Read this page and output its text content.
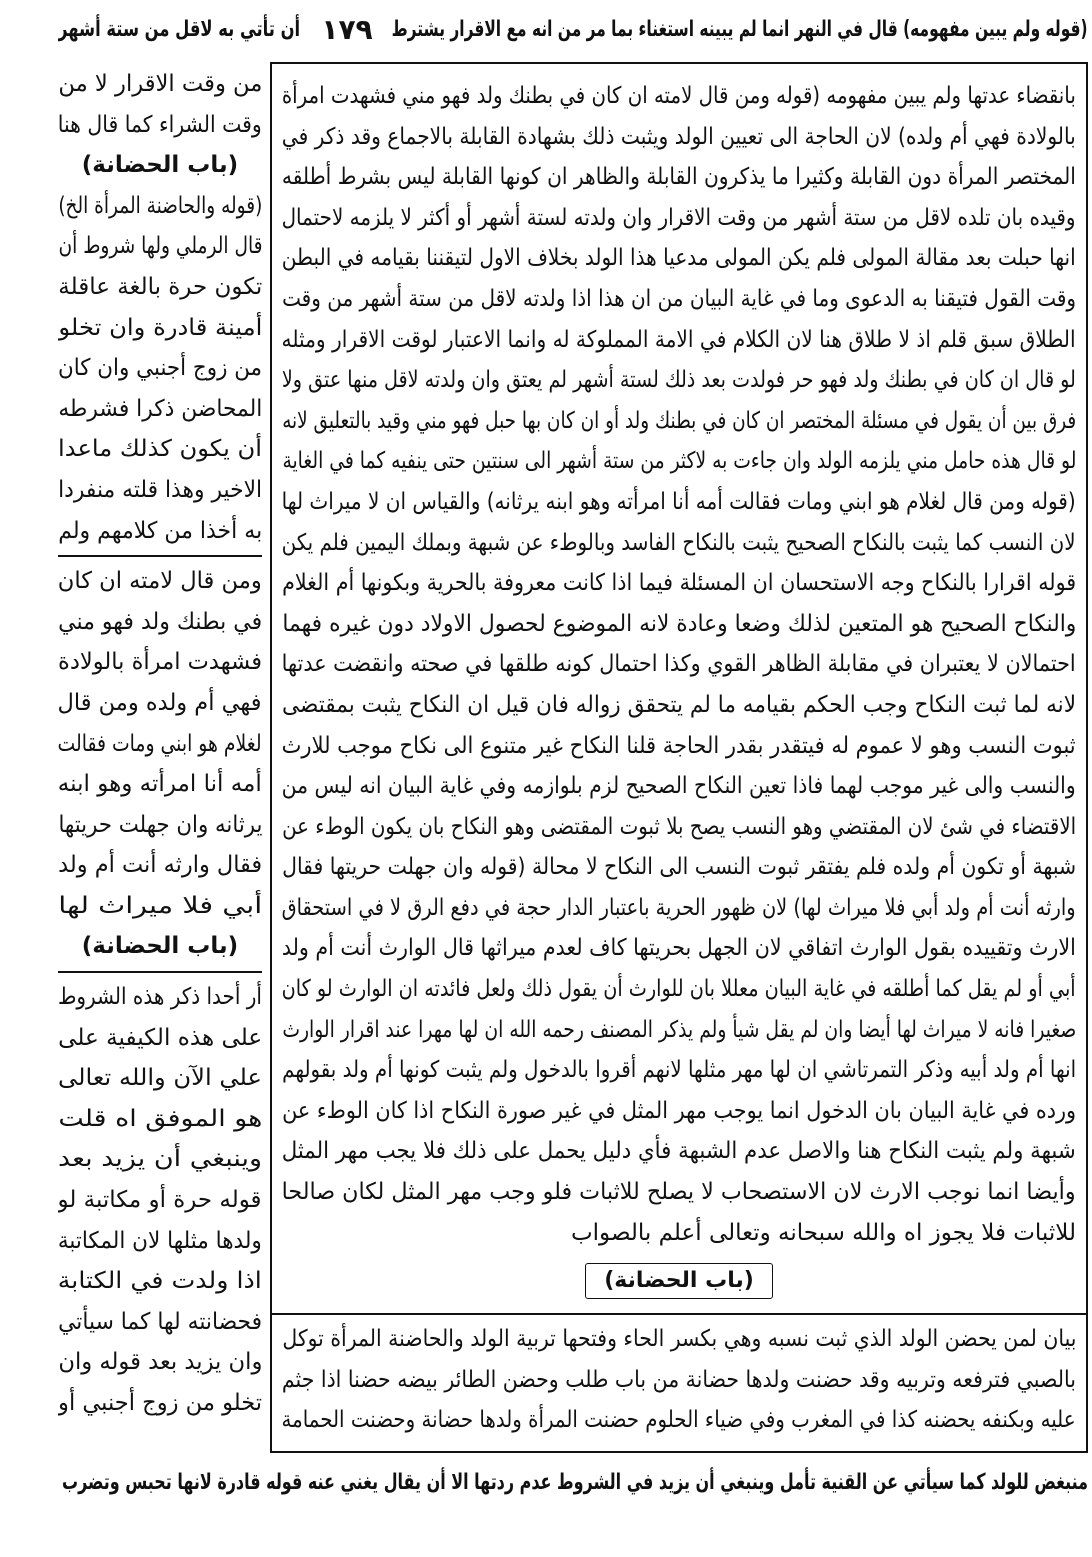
(قوله ولم يبين مفهومه) قال في النهر انما لم يبينه استغناء بما مر من انه مع الاقرار يشترط
١٧٩
أن تأتي به لاقل من ستة أشهر
من وقت الاقرار لا من
وقت الشراء كما قال هنا
(باب الحضانة)
(قوله والحاضنة المرأة الخ)
قال الرملي ولها شروط أن
تكون حرة بالغة عاقلة
أمينة قادرة وان تخلو
من زوج أجنبي وان كان
المحاضن ذكرا فشرطه
أن يكون كذلك ماعدا
الاخير وهذا قلته منفردا
به أخذا من كلامهم ولم
ومن قال لامته ان كان
في بطنك ولد فهو مني
فشهدت امرأة بالولادة
فهي أم ولده ومن قال
لغلام هو ابني ومات فقالت
أمه أنا امرأته وهو ابنه
يرثانه وان جهلت حريتها
فقال وارثه أنت أم ولد
أبي فلا ميراث لها
(باب الحضانة)
أر أحدا ذكر هذه الشروط
على هذه الكيفية على
علي الآن والله تعالى
هو الموفق اه قلت
وينبغي أن يزيد بعد
قوله حرة أو مكاتبة لو
ولدها مثلها لان المكاتبة
اذا ولدت في الكتابة
فحضانته لها كما سيأتي
وان يزيد بعد قوله وان
تخلو من زوج أجنبي أو
بانقضاء عدتها ولم يبين مفهومه (قوله ومن قال لامته ان كان في بطنك ولد فهو مني فشهدت امرأة
بالولادة فهي أم ولده) لان الحاجة الى تعيين الولد ويثبت ذلك بشهادة القابلة بالاجماع وقد ذكر في
المختصر المرأة دون القابلة وكثيرا ما يذكرون القابلة والظاهر ان كونها القابلة ليس بشرط أطلقه
وقيده بان تلده لاقل من ستة أشهر من وقت الاقرار وان ولدته لستة أشهر أو أكثر لا يلزمه لاحتمال
انها حبلت بعد مقالة المولى فلم يكن المولى مدعيا هذا الولد بخلاف الاول لتيقننا بقيامه في البطن
وقت القول فتيقنا به الدعوى وما في غاية البيان من ان هذا اذا ولدته لاقل من ستة أشهر من وقت
الطلاق سبق قلم اذ لا طلاق هنا لان الكلام في الامة المملوكة له وانما الاعتبار لوقت الاقرار ومثله
لو قال ان كان في بطنك ولد فهو حر فولدت بعد ذلك لستة أشهر لم يعتق وان ولدته لاقل منها عتق ولا
فرق بين أن يقول في مسئلة المختصر ان كان في بطنك ولد أو ان كان بها حبل فهو مني وقيد بالتعليق لانه
لو قال هذه حامل مني يلزمه الولد وان جاءت به لاكثر من ستة أشهر الى سنتين حتى ينفيه كما في الغاية
(قوله ومن قال لغلام هو ابني ومات فقالت أمه أنا امرأته وهو ابنه يرثانه) والقياس ان لا ميراث لها
لان النسب كما يثبت بالنكاح الصحيح يثبت بالنكاح الفاسد وبالوطء عن شبهة وبملك اليمين فلم يكن
قوله اقرارا بالنكاح وجه الاستحسان ان المسئلة فيما اذا كانت معروفة بالحرية وبكونها أم الغلام
والنكاح الصحيح هو المتعين لذلك وضعا وعادة لانه الموضوع لحصول الاولاد دون غيره فهما
احتمالان لا يعتبران في مقابلة الظاهر القوي وكذا احتمال كونه طلقها في صحته وانقضت عدتها
لانه لما ثبت النكاح وجب الحكم بقيامه ما لم يتحقق زواله فان قيل ان النكاح يثبت بمقتضى
ثبوت النسب وهو لا عموم له فيتقدر بقدر الحاجة قلنا النكاح غير متنوع الى نكاح موجب للارث
والنسب والى غير موجب لهما فاذا تعين النكاح الصحيح لزم بلوازمه وفي غاية البيان انه ليس من
الاقتضاء في شئ لان المقتضي وهو النسب يصح بلا ثبوت المقتضى وهو النكاح بان يكون الوطء عن
شبهة أو تكون أم ولده فلم يفتقر ثبوت النسب الى النكاح لا محالة (قوله وان جهلت حريتها فقال
وارثه أنت أم ولد أبي فلا ميراث لها) لان ظهور الحرية باعتبار الدار حجة في دفع الرق لا في استحقاق
الارث وتقييده بقول الوارث اتفاقي لان الجهل بحريتها كاف لعدم ميراثها قال الوارث أنت أم ولد
أبي أو لم يقل كما أطلقه في غاية البيان معللا بان للوارث أن يقول ذلك ولعل فائدته ان الوارث لو كان
صغيرا فانه لا ميراث لها أيضا وان لم يقل شيأ ولم يذكر المصنف رحمه الله ان لها مهرا عند اقرار الوارث
انها أم ولد أبيه وذكر التمرتاشي ان لها مهر مثلها لانهم أقروا بالدخول ولم يثبت كونها أم ولد بقولهم
ورده في غاية البيان بان الدخول انما يوجب مهر المثل في غير صورة النكاح اذا كان الوطء عن
شبهة ولم يثبت النكاح هنا والاصل عدم الشبهة فأي دليل يحمل على ذلك فلا يجب مهر المثل
وأيضا انما نوجب الارث لان الاستصحاب لا يصلح للاثبات فلو وجب مهر المثل لكان صالحا
للاثبات فلا يجوز اه والله سبحانه وتعالى أعلم بالصواب
(باب الحضانة)
بيان لمن يحضن الولد الذي ثبت نسبه وهي بكسر الحاء وفتحها تربية الولد والحاضنة المرأة توكل
بالصبي فترفعه وتربيه وقد حضنت ولدها حضانة من باب طلب وحضن الطائر بيضه حضنا اذا جثم
عليه وبكنفه يحضنه كذا في المغرب وفي ضياء الحلوم حضنت المرأة ولدها حضانة وحضنت الحمامة
منبغض للولد كما سيأتي عن القنية تأمل وينبغي أن يزيد في الشروط عدم ردتها الا أن يقال يغني عنه قوله قادرة لانها تحبس وتضرب
